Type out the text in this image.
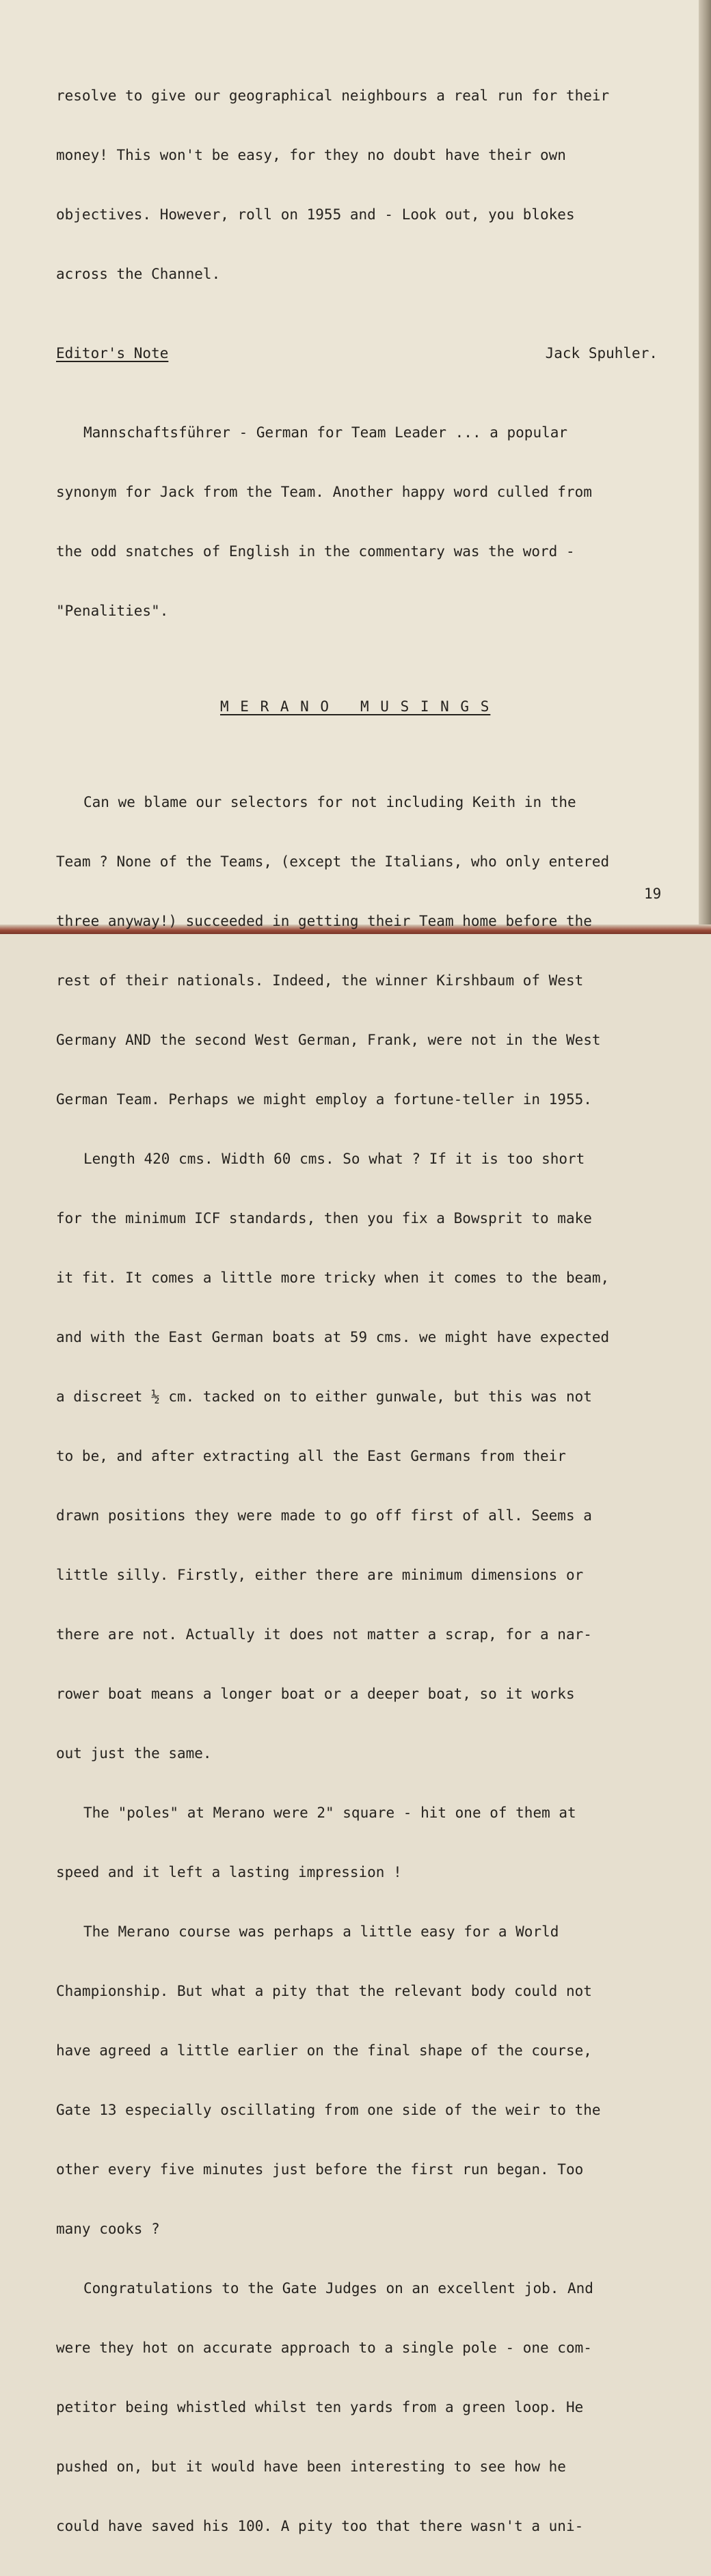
resolve to give our geographical neighbours a real run for their

money! This won't be easy, for they no doubt have their own

objectives. However, roll on 1955 and - Look out, you blokes

across the Channel.

Editor's Note	Jack Spuhler.

Mannschaftsführer - German for Team Leader ... a popular

synonym for Jack from the Team. Another happy word culled from

the odd snatches of English in the commentary was the word -

"Penalities".

M E R A N O   M U S I N G S

Can we blame our selectors for not including Keith in the

Team ? None of the Teams, (except the Italians, who only entered

three anyway!) succeeded in getting their Team home before the

rest of their nationals. Indeed, the winner Kirshbaum of West

Germany AND the second West German, Frank, were not in the West

German Team. Perhaps we might employ a fortune-teller in 1955.

Length 420 cms. Width 60 cms. So what ? If it is too short

for the minimum ICF standards, then you fix a Bowsprit to make

it fit. It comes a little more tricky when it comes to the beam,

and with the East German boats at 59 cms. we might have expected

a discreet ½ cm. tacked on to either gunwale, but this was not

to be, and after extracting all the East Germans from their

drawn positions they were made to go off first of all. Seems a

little silly. Firstly, either there are minimum dimensions or

there are not. Actually it does not matter a scrap, for a nar-

rower boat means a longer boat or a deeper boat, so it works

out just the same.

The "poles" at Merano were 2" square - hit one of them at

speed and it left a lasting impression !

The Merano course was perhaps a little easy for a World

Championship. But what a pity that the relevant body could not

have agreed a little earlier on the final shape of the course,

Gate 13 especially oscillating from one side of the weir to the

other every five minutes just before the first run began. Too

many cooks ?

Congratulations to the Gate Judges on an excellent job. And

were they hot on accurate approach to a single pole - one com-

petitor being whistled whilst ten yards from a green loop. He

pushed on, but it would have been interesting to see how he

could have saved his 100. A pity too that there wasn't a uni-

19
